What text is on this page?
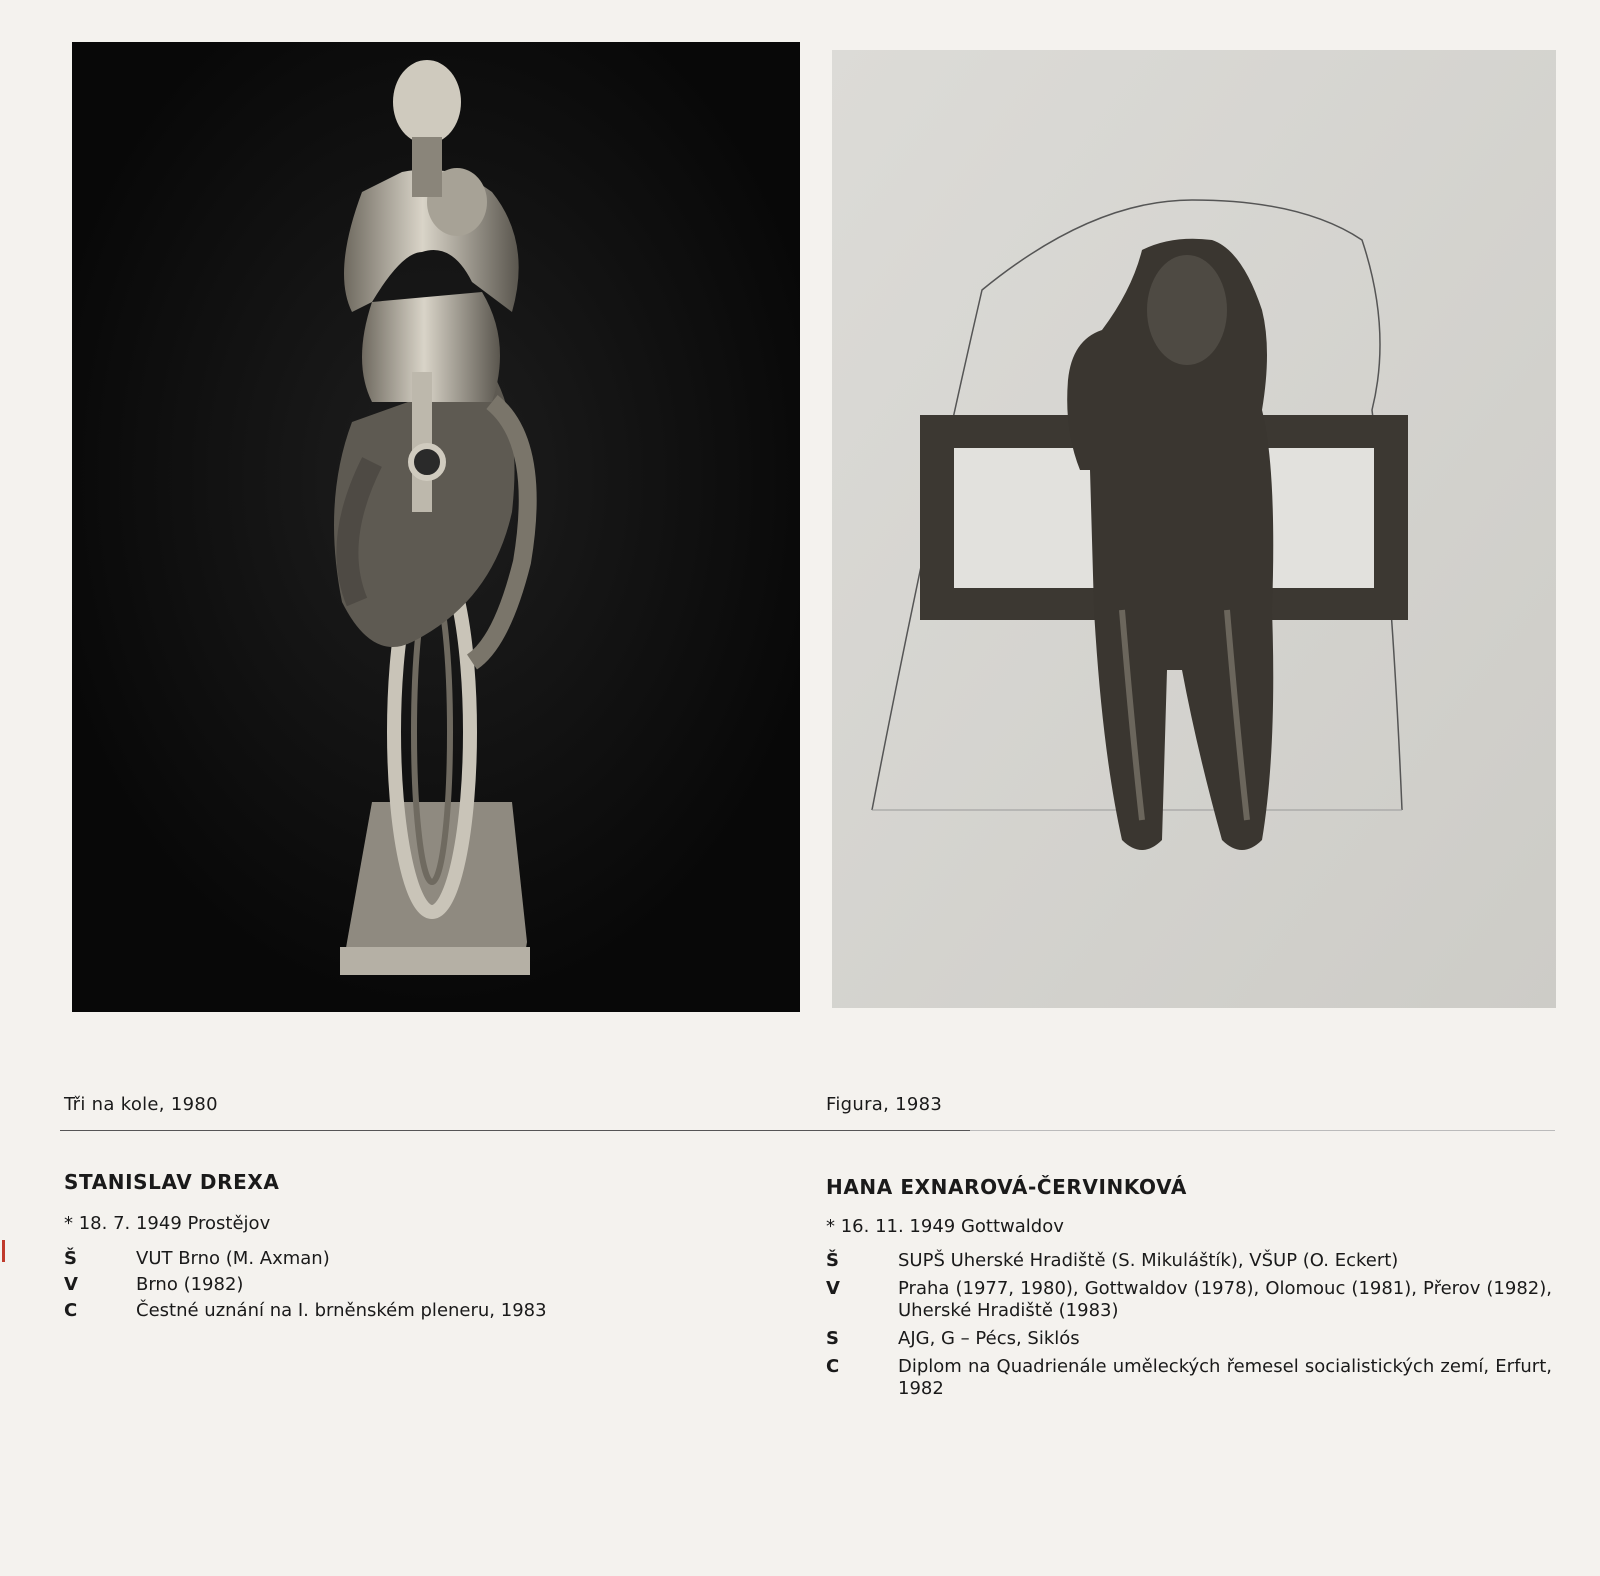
Tři na kole, 1980	Figura, 1983
STANISLAV DREXA
* 18. 7. 1949 Prostějov
Š	VUT Brno (M. Axman)
V	Brno (1982)
C	Čestné uznání na I. brněnském pleneru, 1983
HANA EXNAROVÁ-ČERVINKOVÁ
* 16. 11. 1949 Gottwaldov
Š	SUPŠ Uherské Hradiště (S. Mikuláštík), VŠUP (O. Eckert)
V	Praha (1977, 1980), Gottwaldov (1978), Olomouc (1981), Přerov (1982), Uherské Hradiště (1983)
S	AJG, G – Pécs, Siklós
C	Diplom na Quadrienále uměleckých řemesel socialistických zemí, Erfurt, 1982
